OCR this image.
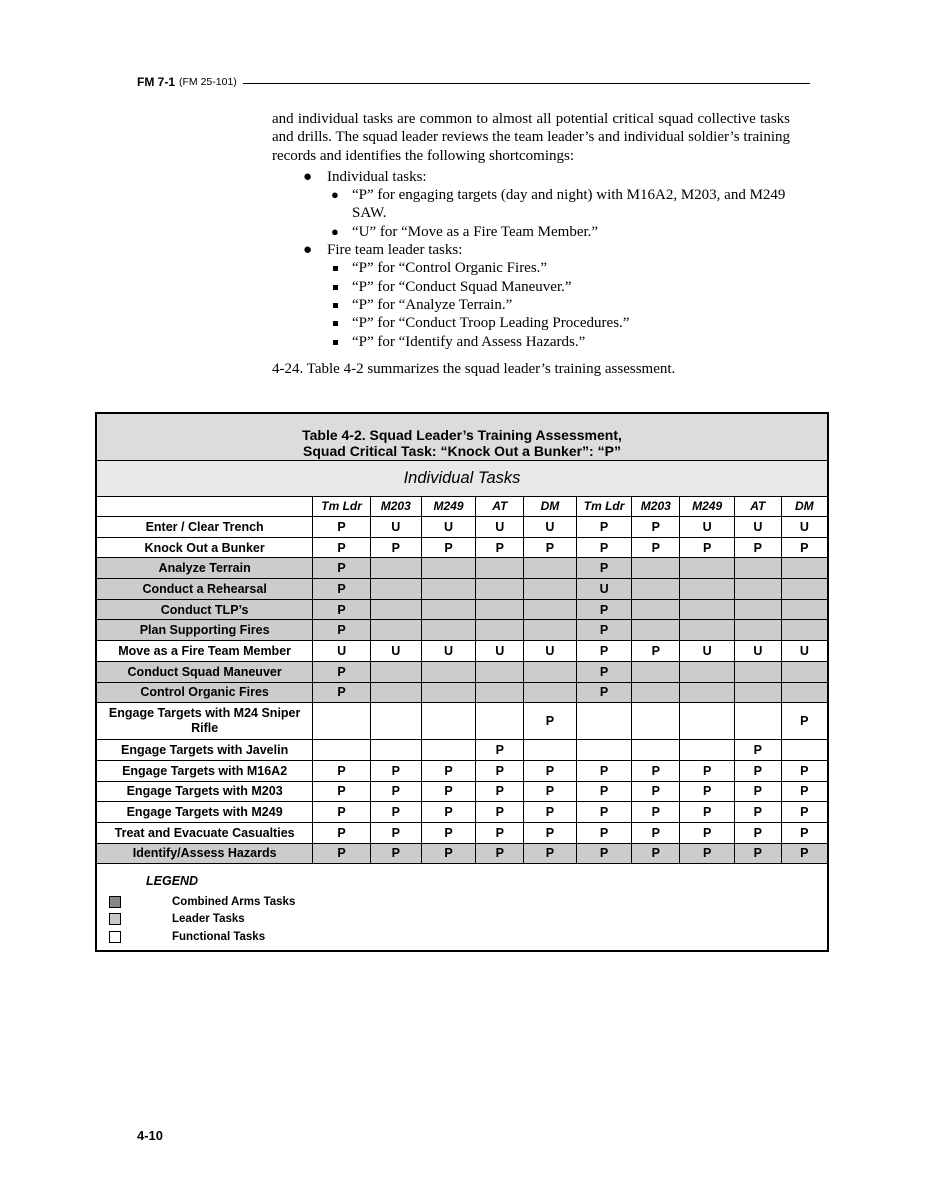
FM 7-1 (FM 25-101)

and individual tasks are common to almost all potential critical squad collective tasks and drills. The squad leader reviews the team leader’s and individual soldier’s training records and identifies the following shortcomings:

● Individual tasks:
● “P” for engaging targets (day and night) with M16A2, M203, and M249 SAW.
● “U” for “Move as a Fire Team Member.”
● Fire team leader tasks:
“P” for “Control Organic Fires.”
“P” for “Conduct Squad Maneuver.”
“P” for “Analyze Terrain.”
“P” for “Conduct Troop Leading Procedures.”
“P” for “Identify and Assess Hazards.”

4-24. Table 4-2 summarizes the squad leader’s training assessment.

Table 4-2. Squad Leader’s Training Assessment,
Squad Critical Task: “Knock Out a Bunker”: “P”
Individual Tasks
	Tm Ldr	M203	M249	AT	DM	Tm Ldr	M203	M249	AT	DM
Enter / Clear Trench	P	U	U	U	U	P	P	U	U	U
Knock Out a Bunker	P	P	P	P	P	P	P	P	P	P
Analyze Terrain	P					P				
Conduct a Rehearsal	P					U				
Conduct TLP’s	P					P				
Plan Supporting Fires	P					P				
Move as a Fire Team Member	U	U	U	U	U	P	P	U	U	U
Conduct Squad Maneuver	P					P				
Control Organic Fires	P					P				
Engage Targets with M24 Sniper Rifle					P					P
Engage Targets with Javelin				P					P	
Engage Targets with M16A2	P	P	P	P	P	P	P	P	P	P
Engage Targets with M203	P	P	P	P	P	P	P	P	P	P
Engage Targets with M249	P	P	P	P	P	P	P	P	P	P
Treat and Evacuate Casualties	P	P	P	P	P	P	P	P	P	P
Identify/Assess Hazards	P	P	P	P	P	P	P	P	P	P
LEGEND
Combined Arms Tasks
Leader Tasks
Functional Tasks
4-10
